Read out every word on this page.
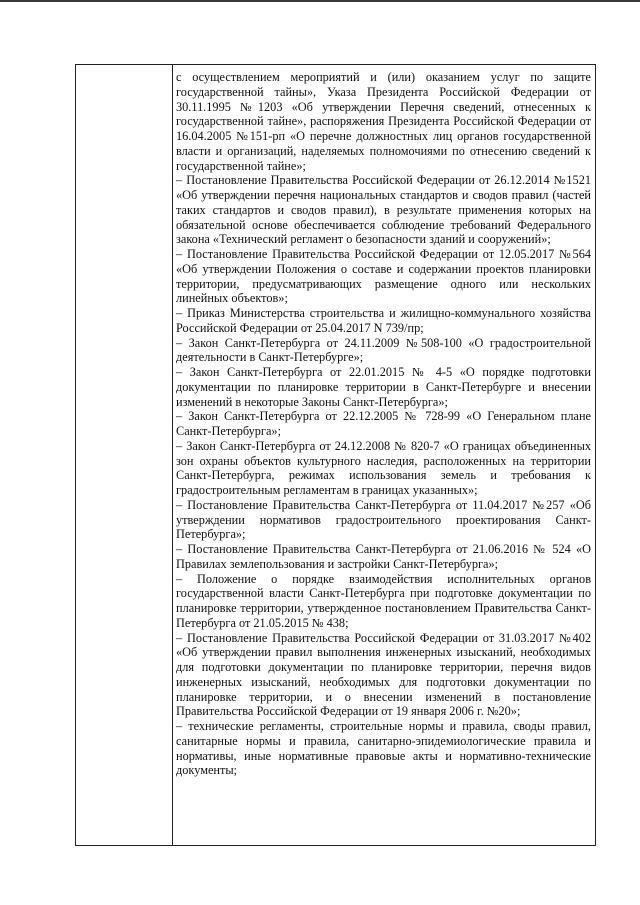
с осуществлением мероприятий и (или) оказанием услуг по защите государственной тайны», Указа Президента Российской Федерации от 30.11.1995 №1203 «Об утверждении Перечня сведений, отнесенных к государственной тайне», распоряжения Президента Российской Федерации от 16.04.2005 №151-рп «О перечне должностных лиц органов государственной власти и организаций, наделяемых полномочиями по отнесению сведений к государственной тайне»;

– Постановление Правительства Российской Федерации от 26.12.2014 №1521 «Об утверждении перечня национальных стандартов и сводов правил (частей таких стандартов и сводов правил), в результате применения которых на обязательной основе обеспечивается соблюдение требований Федерального закона «Технический регламент о безопасности зданий и сооружений»;

– Постановление Правительства Российской Федерации от 12.05.2017 №564 «Об утверждении Положения о составе и содержании проектов планировки территории, предусматривающих размещение одного или нескольких линейных объектов»;

– Приказ Министерства строительства и жилищно-коммунального хозяйства Российской Федерации от 25.04.2017 N 739/пр;

– Закон Санкт-Петербурга от 24.11.2009 №508-100 «О градостроительной деятельности в Санкт-Петербурге»;

– Закон Санкт-Петербурга от 22.01.2015 № 4-5 «О порядке подготовки документации по планировке территории в Санкт-Петербурге и внесении изменений в некоторые Законы Санкт-Петербурга»;

– Закон Санкт-Петербурга от 22.12.2005 № 728-99 «О Генеральном плане Санкт-Петербурга»;

– Закон Санкт-Петербурга от 24.12.2008 № 820-7 «О границах объединенных зон охраны объектов культурного наследия, расположенных на территории Санкт-Петербурга, режимах использования земель и требования к градостроительным регламентам в границах указанных»;

– Постановление Правительства Санкт-Петербурга от 11.04.2017 №257 «Об утверждении нормативов градостроительного проектирования Санкт-Петербурга»;

– Постановление Правительства Санкт-Петербурга от 21.06.2016 № 524 «О Правилах землепользования и застройки Санкт-Петербурга»;

– Положение о порядке взаимодействия исполнительных органов государственной власти Санкт-Петербурга при подготовке документации по планировке территории, утвержденное постановлением Правительства Санкт-Петербурга от 21.05.2015 № 438;

– Постановление Правительства Российской Федерации от 31.03.2017 №402 «Об утверждении правил выполнения инженерных изысканий, необходимых для подготовки документации по планировке территории, перечня видов инженерных изысканий, необходимых для подготовки документации по планировке территории, и о внесении изменений в постановление Правительства Российской Федерации от 19 января 2006 г. №20»;

– технические регламенты, строительные нормы и правила, своды правил, санитарные нормы и правила, санитарно-эпидемиологические правила и нормативы, иные нормативные правовые акты и нормативно-технические документы;
